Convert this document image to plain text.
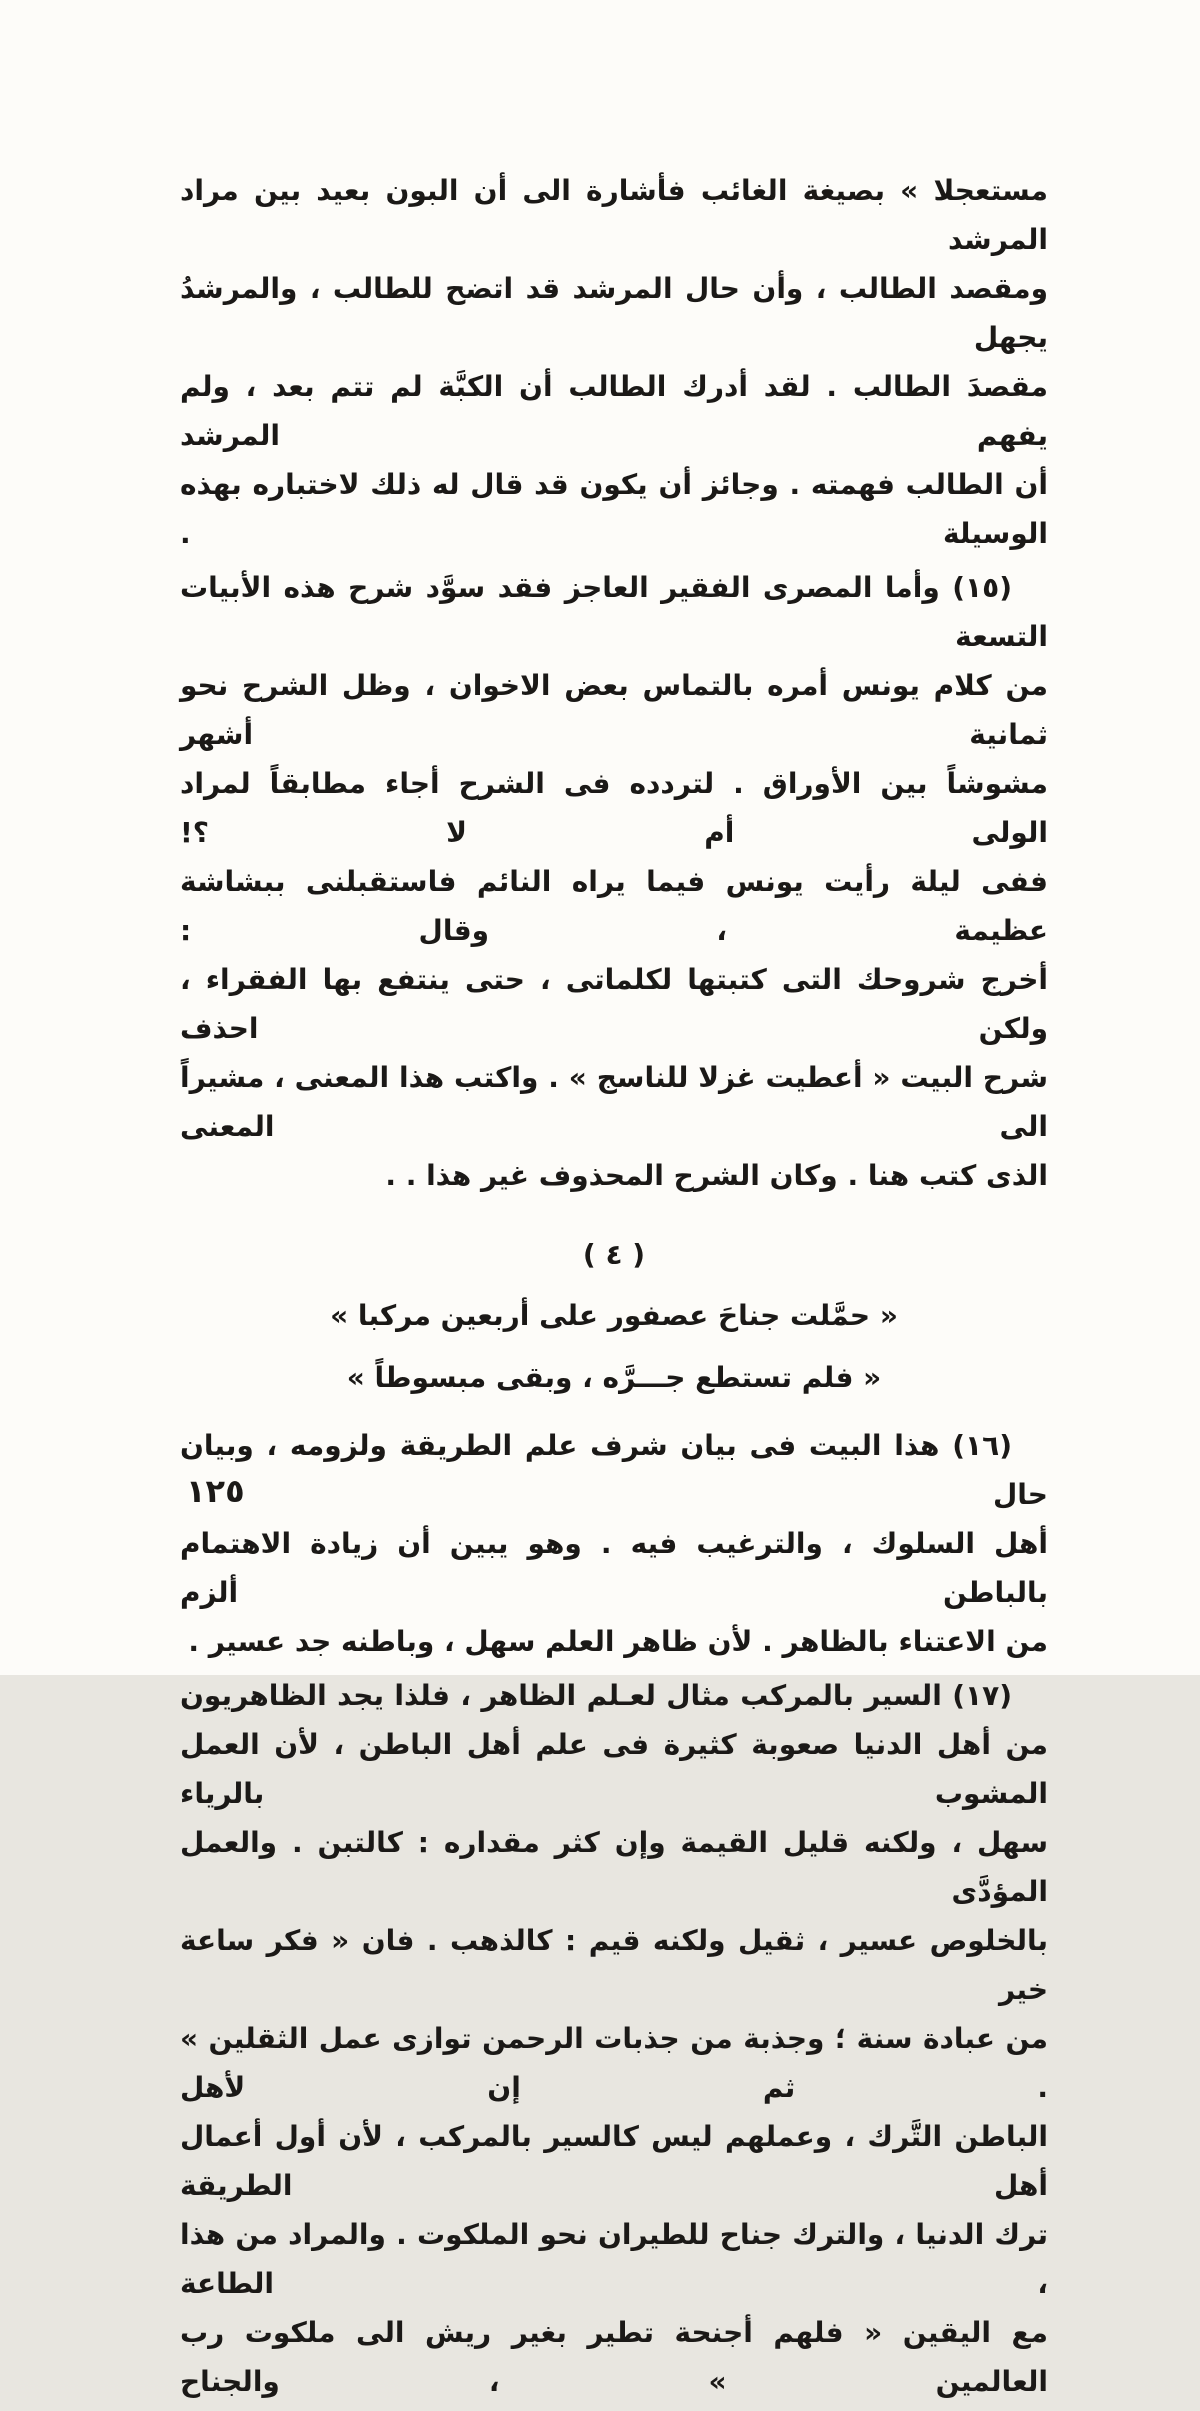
مستعجلا » بصيغة الغائب فأشارة الى أن البون بعيد بين مراد المرشد
ومقصد الطالب ، وأن حال المرشد قد اتضح للطالب ، والمرشدُ يجهل
مقصدَ الطالب . لقد أدرك الطالب أن الكبَّة لم تتم بعد ، ولم يفهم المرشد
أن الطالب فهمته . وجائز أن يكون قد قال له ذلك لاختباره بهذه الوسيلة .
(١٥) وأما المصرى الفقير العاجز فقد سوَّد شرح هذه الأبيات التسعة
من كلام يونس أمره بالتماس بعض الاخوان ، وظل الشرح نحو ثمانية أشهر
مشوشاً بين الأوراق . لتردده فى الشرح أجاء مطابقاً لمراد الولى أم لا ؟!
ففى ليلة رأيت يونس فيما يراه النائم فاستقبلنى ببشاشة عظيمة ، وقال :
أخرج شروحك التى كتبتها لكلماتى ، حتى ينتفع بها الفقراء ، ولكن احذف
شرح البيت « أعطيت غزلا للناسج » . واكتب هذا المعنى ، مشيراً الى المعنى
الذى كتب هنا . وكان الشرح المحذوف غير هذا . .
( ٤ )
« حمَّلت جناحَ عصفور على أربعين مركبا »
« فلم تستطع جـــرَّه ، وبقى مبسوطاً »
(١٦) هذا البيت فى بيان شرف علم الطريقة ولزومه ، وبيان حال
أهل السلوك ، والترغيب فيه . وهو يبين أن زيادة الاهتمام بالباطن ألزم
من الاعتناء بالظاهر . لأن ظاهر العلم سهل ، وباطنه جد عسير .
(١٧) السير بالمركب مثال لعـلم الظاهر ، فلذا يجد الظاهريون
من أهل الدنيا صعوبة كثيرة فى علم أهل الباطن ، لأن العمل المشوب بالرياء
سهل ، ولكنه قليل القيمة وإن كثر مقداره : كالتبن . والعمل المؤدَّى
بالخلوص عسير ، ثقيل ولكنه قيم : كالذهب . فان « فكر ساعة خير
من عبادة سنة ؛ وجذبة من جذبات الرحمن توازى عمل الثقلين » . ثم إن لأهل
الباطن التَّرك ، وعملهم ليس كالسير بالمركب ، لأن أول أعمال أهل الطريقة
ترك الدنيا ، والترك جناح للطيران نحو الملكوت . والمراد من هذا ، الطاعة
مع اليقين « فلهم أجنحة تطير بغير ريش الى ملكوت رب العالمين » ، والجناح
١٢٥
